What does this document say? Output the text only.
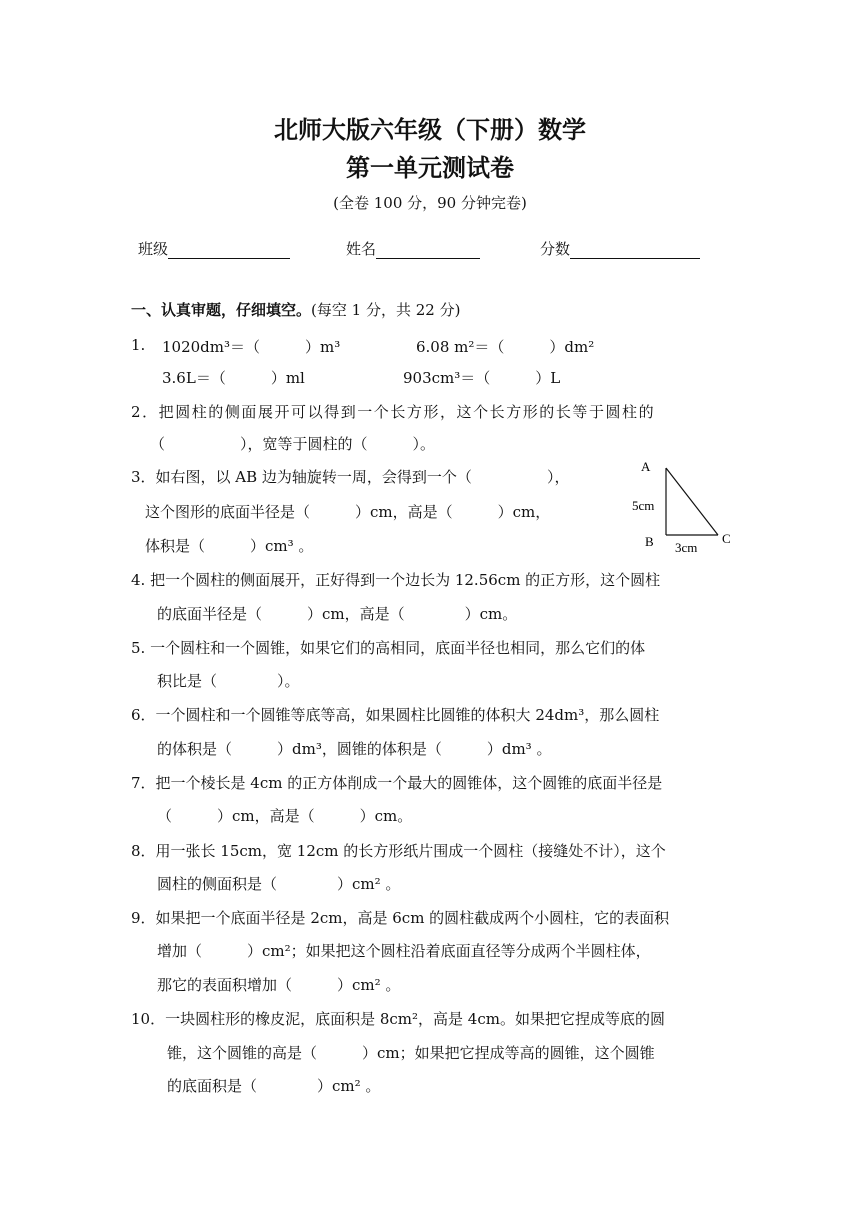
北师大版六年级（下册）数学
第一单元测试卷
(全卷 100 分，90 分钟完卷)
班级	姓名	分数
一、认真审题，仔细填空。(每空 1 分，共 22 分)
1. 1020dm³＝（　　　）m³	6.08 m²＝（　　　）dm²
3.6L＝（　　　）ml	903cm³＝（　　　）L
2．把圆柱的侧面展开可以得到一个长方形，这个长方形的长等于圆柱的
（　　　　　），宽等于圆柱的（　　　）。
3．如右图，以 AB 边为轴旋转一周，会得到一个（　　　　　），
这个图形的底面半径是（　　　）cm，高是（　　　）cm，
体积是（　　　）cm³ 。
A
B	C
5cm
3cm
4. 把一个圆柱的侧面展开，正好得到一个边长为 12.56cm 的正方形，这个圆柱
的底面半径是（　　　）cm，高是（　　　　）cm。
5. 一个圆柱和一个圆锥，如果它们的高相同，底面半径也相同，那么它们的体
积比是（　　　　）。
6．一个圆柱和一个圆锥等底等高，如果圆柱比圆锥的体积大 24dm³，那么圆柱
的体积是（　　　）dm³，圆锥的体积是（　　　）dm³ 。
7．把一个棱长是 4cm 的正方体削成一个最大的圆锥体，这个圆锥的底面半径是
（　　　）cm，高是（　　　）cm。
8．用一张长 15cm，宽 12cm 的长方形纸片围成一个圆柱（接缝处不计），这个
圆柱的侧面积是（　　　　）cm² 。
9．如果把一个底面半径是 2cm，高是 6cm 的圆柱截成两个小圆柱，它的表面积
增加（　　　）cm²；如果把这个圆柱沿着底面直径等分成两个半圆柱体，
那它的表面积增加（　　　）cm² 。
10．一块圆柱形的橡皮泥，底面积是 8cm²，高是 4cm。如果把它捏成等底的圆
锥，这个圆锥的高是（　　　）cm；如果把它捏成等高的圆锥，这个圆锥
的底面积是（　　　　）cm² 。
